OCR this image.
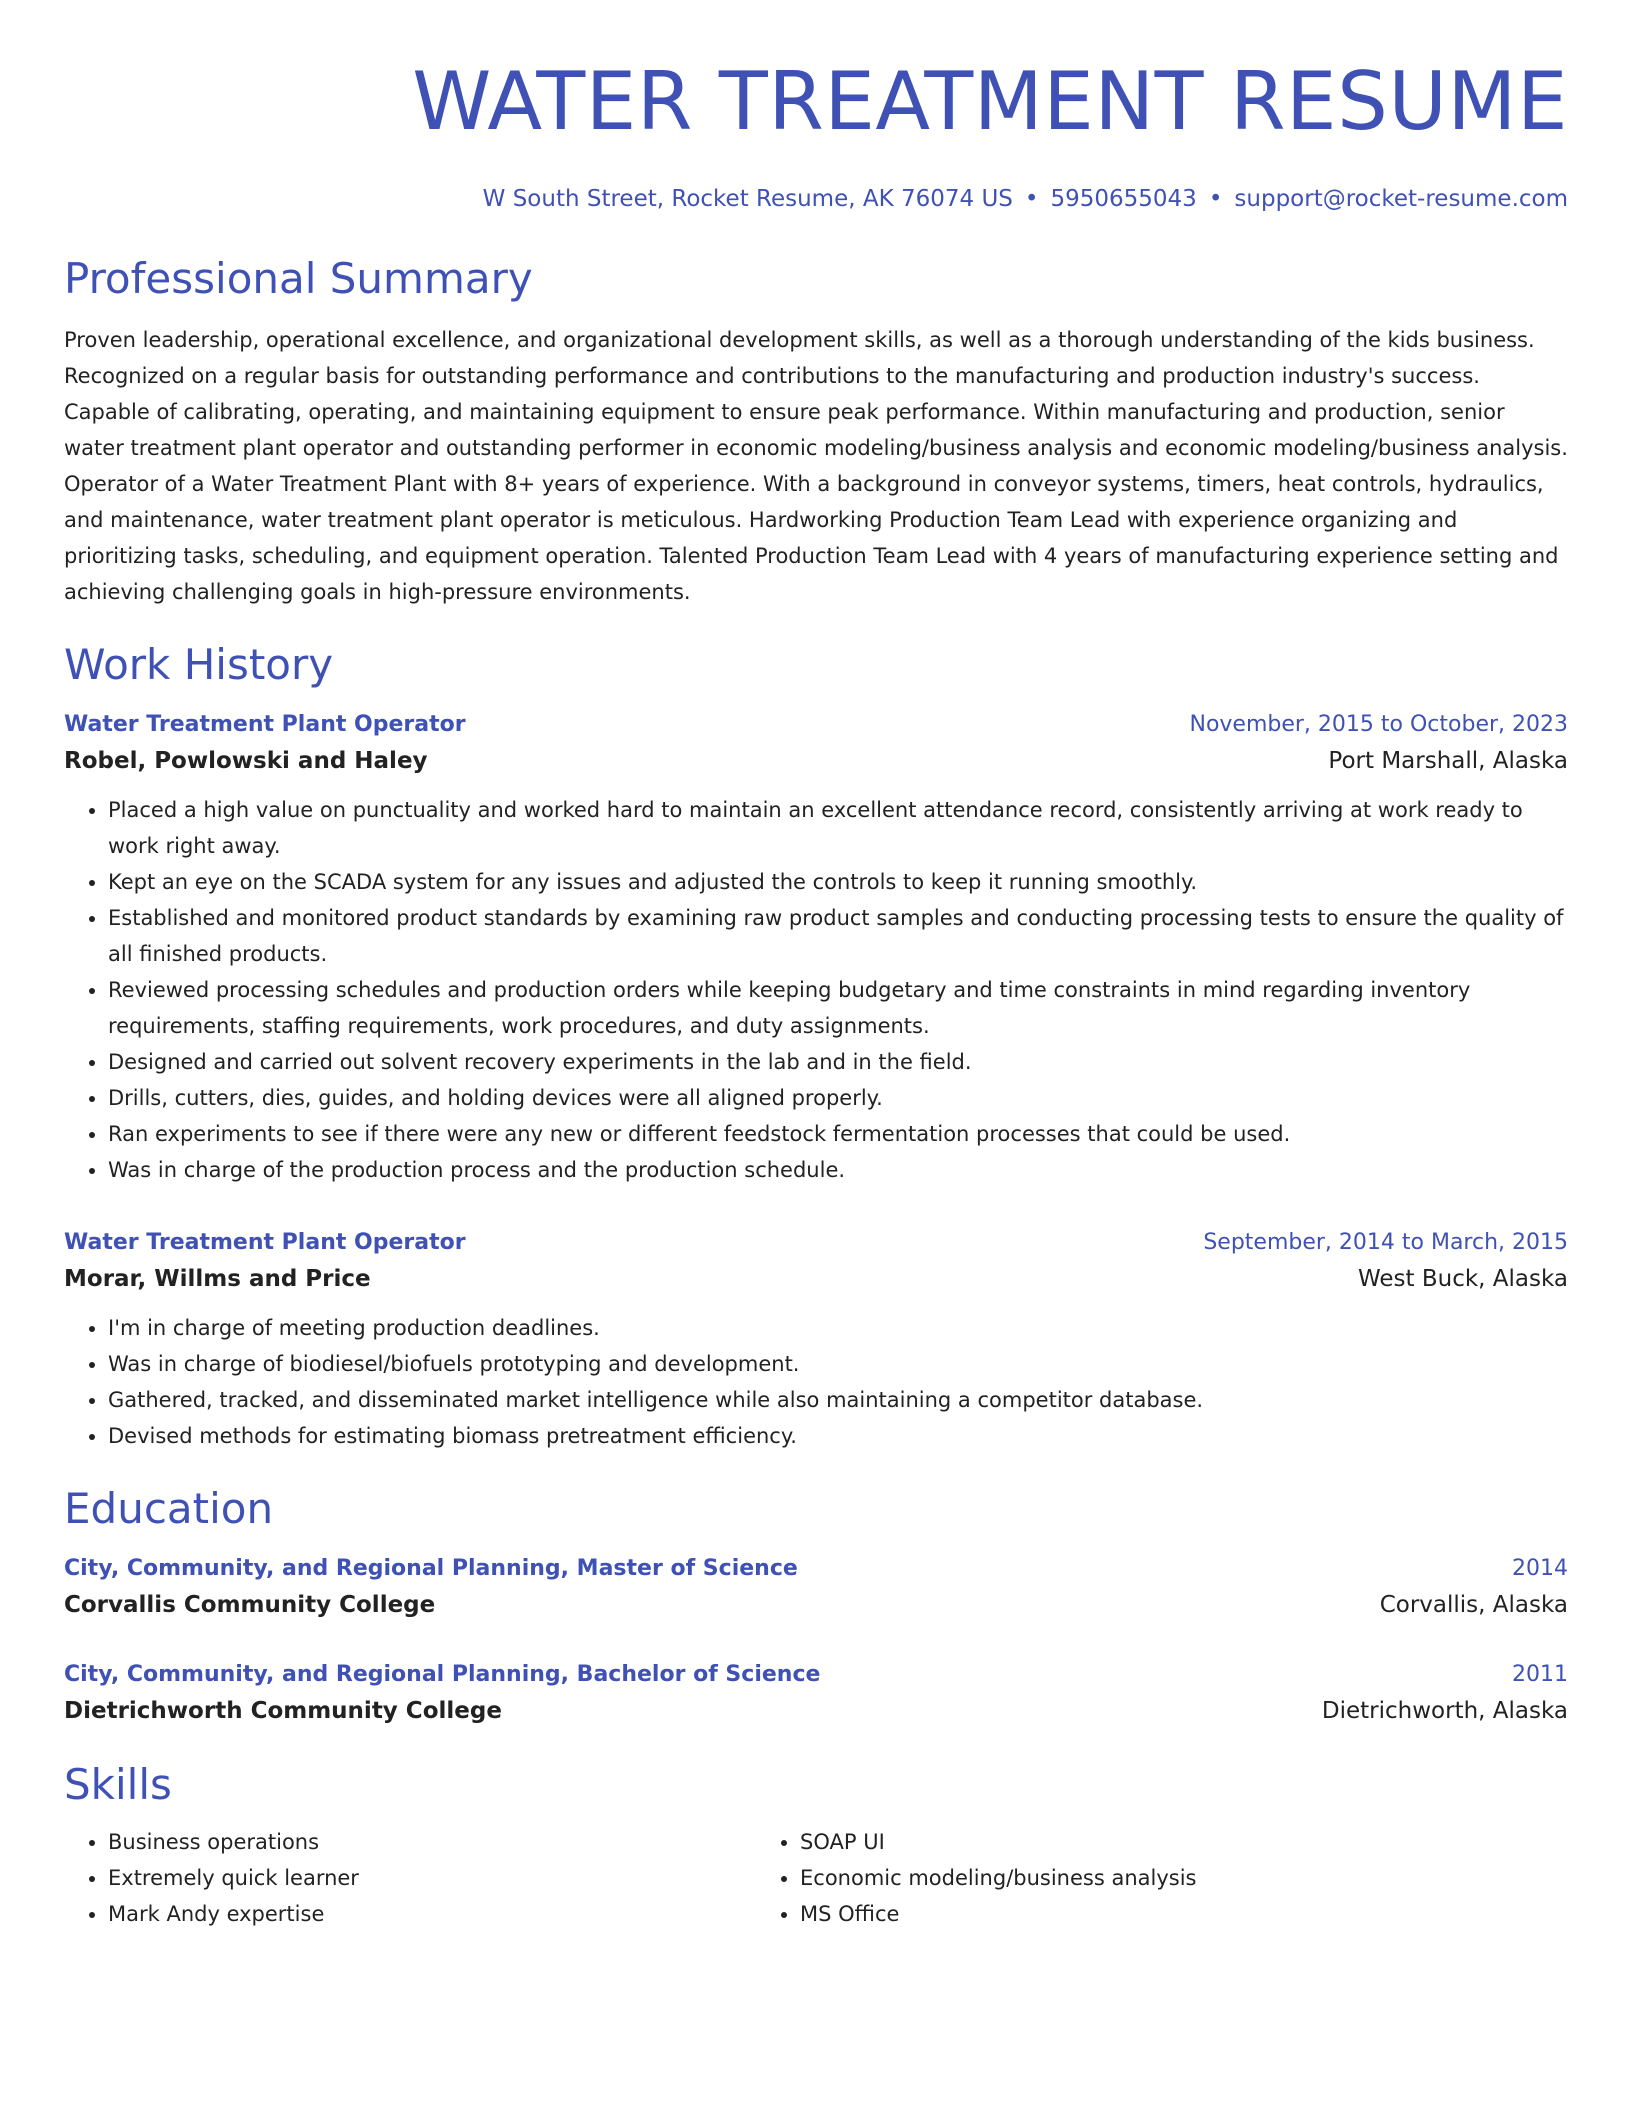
WATER TREATMENT RESUME
W South Street, Rocket Resume, AK 76074 US • 5950655043 • support@rocket-resume.com
Professional Summary
Proven leadership, operational excellence, and organizational development skills, as well as a thorough understanding of the kids business. Recognized on a regular basis for outstanding performance and contributions to the manufacturing and production industry's success. Capable of calibrating, operating, and maintaining equipment to ensure peak performance. Within manufacturing and production, senior water treatment plant operator and outstanding performer in economic modeling/business analysis and economic modeling/business analysis. Operator of a Water Treatment Plant with 8+ years of experience. With a background in conveyor systems, timers, heat controls, hydraulics, and maintenance, water treatment plant operator is meticulous. Hardworking Production Team Lead with experience organizing and prioritizing tasks, scheduling, and equipment operation. Talented Production Team Lead with 4 years of manufacturing experience setting and achieving challenging goals in high-pressure environments.
Work History
Water Treatment Plant Operator	November, 2015 to October, 2023
Robel, Powlowski and Haley	Port Marshall, Alaska
• Placed a high value on punctuality and worked hard to maintain an excellent attendance record, consistently arriving at work ready to work right away.
• Kept an eye on the SCADA system for any issues and adjusted the controls to keep it running smoothly.
• Established and monitored product standards by examining raw product samples and conducting processing tests to ensure the quality of all finished products.
• Reviewed processing schedules and production orders while keeping budgetary and time constraints in mind regarding inventory requirements, staffing requirements, work procedures, and duty assignments.
• Designed and carried out solvent recovery experiments in the lab and in the field.
• Drills, cutters, dies, guides, and holding devices were all aligned properly.
• Ran experiments to see if there were any new or different feedstock fermentation processes that could be used.
• Was in charge of the production process and the production schedule.
Water Treatment Plant Operator	September, 2014 to March, 2015
Morar, Willms and Price	West Buck, Alaska
• I'm in charge of meeting production deadlines.
• Was in charge of biodiesel/biofuels prototyping and development.
• Gathered, tracked, and disseminated market intelligence while also maintaining a competitor database.
• Devised methods for estimating biomass pretreatment efficiency.
Education
City, Community, and Regional Planning, Master of Science	2014
Corvallis Community College	Corvallis, Alaska
City, Community, and Regional Planning, Bachelor of Science	2011
Dietrichworth Community College	Dietrichworth, Alaska
Skills
• Business operations
• Extremely quick learner
• Mark Andy expertise
• SOAP UI
• Economic modeling/business analysis
• MS Office
